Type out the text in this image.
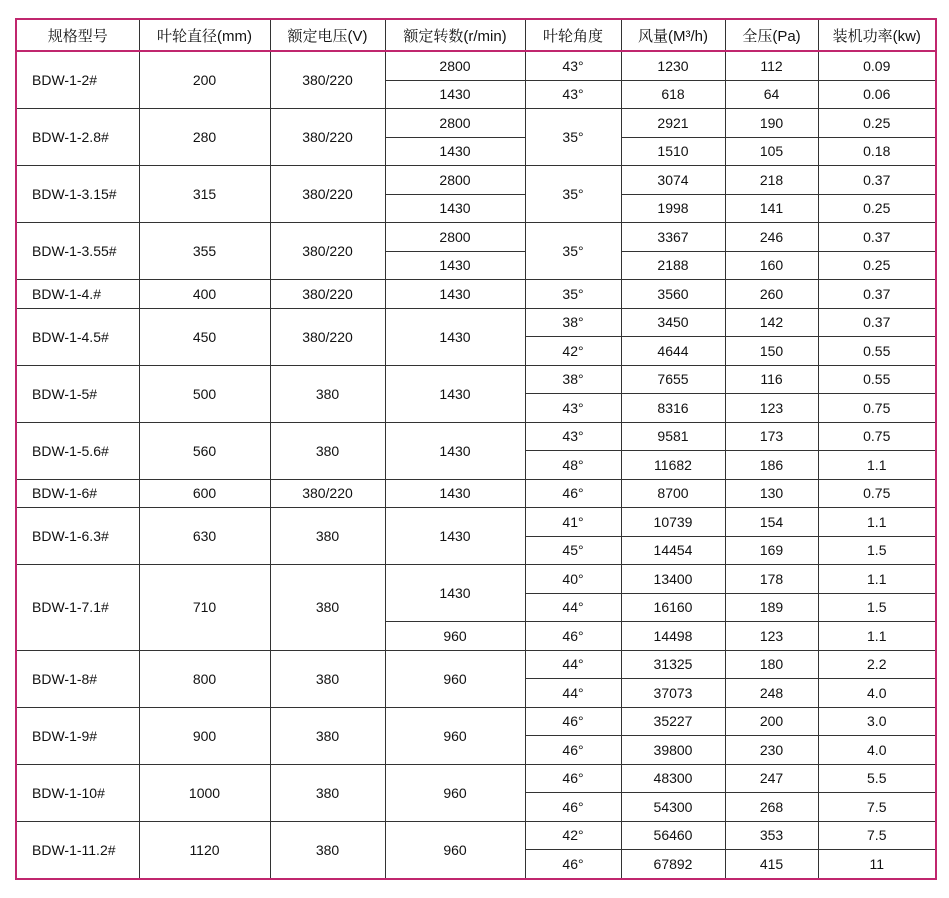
规格型号	叶轮直径(mm)	额定电压(V)	额定转数(r/min)	叶轮角度	风量(M³/h)	全压(Pa)	装机功率(kw)
BDW-1-2#	200	380/220	2800	43°	1230	112	0.09
			1430	43°	618	64	0.06
BDW-1-2.8#	280	380/220	2800	35°	2921	190	0.25
			1430		1510	105	0.18
BDW-1-3.15#	315	380/220	2800	35°	3074	218	0.37
			1430		1998	141	0.25
BDW-1-3.55#	355	380/220	2800	35°	3367	246	0.37
			1430		2188	160	0.25
BDW-1-4.#	400	380/220	1430	35°	3560	260	0.37
BDW-1-4.5#	450	380/220	1430	38°	3450	142	0.37
				42°	4644	150	0.55
BDW-1-5#	500	380	1430	38°	7655	116	0.55
				43°	8316	123	0.75
BDW-1-5.6#	560	380	1430	43°	9581	173	0.75
				48°	11682	186	1.1
BDW-1-6#	600	380/220	1430	46°	8700	130	0.75
BDW-1-6.3#	630	380	1430	41°	10739	154	1.1
				45°	14454	169	1.5
BDW-1-7.1#	710	380	1430	40°	13400	178	1.1
				44°	16160	189	1.5
			960	46°	14498	123	1.1
BDW-1-8#	800	380	960	44°	31325	180	2.2
				44°	37073	248	4.0
BDW-1-9#	900	380	960	46°	35227	200	3.0
				46°	39800	230	4.0
BDW-1-10#	1000	380	960	46°	48300	247	5.5
				46°	54300	268	7.5
BDW-1-11.2#	1120	380	960	42°	56460	353	7.5
				46°	67892	415	11
